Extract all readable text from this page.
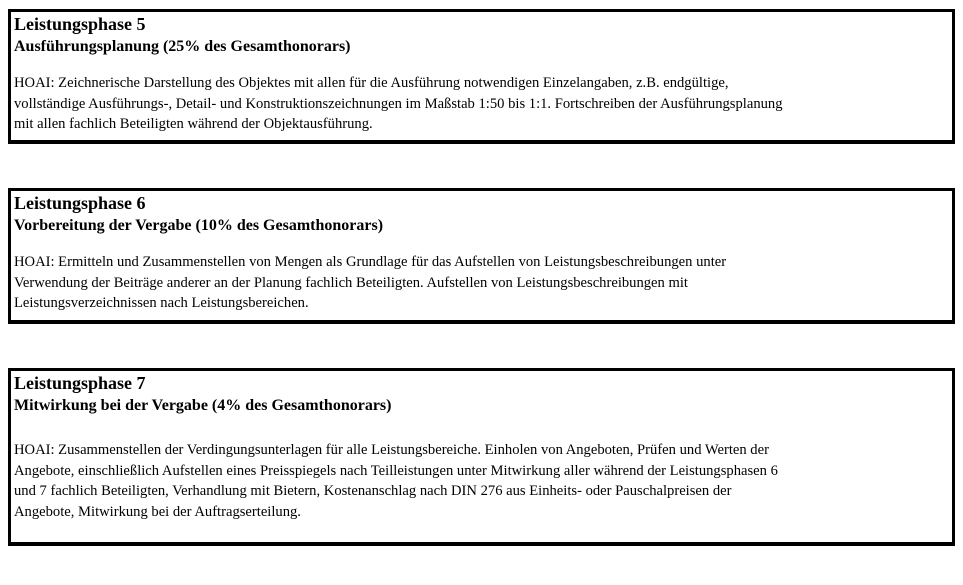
Leistungsphase 5
Ausführungsplanung (25% des Gesamthonorars)

HOAI: Zeichnerische Darstellung des Objektes mit allen für die Ausführung notwendigen Einzelangaben, z.B. endgültige, vollständige Ausführungs-, Detail- und Konstruktionszeichnungen im Maßstab 1:50 bis 1:1. Fortschreiben der Ausführungsplanung mit allen fachlich Beteiligten während der Objektausführung.

Leistungsphase 6
Vorbereitung der Vergabe (10% des Gesamthonorars)

HOAI: Ermitteln und Zusammenstellen von Mengen als Grundlage für das Aufstellen von Leistungsbeschreibungen unter Verwendung der Beiträge anderer an der Planung fachlich Beteiligten. Aufstellen von Leistungsbeschreibungen mit Leistungsverzeichnissen nach Leistungsbereichen.

Leistungsphase 7
Mitwirkung bei der Vergabe (4% des Gesamthonorars)

HOAI: Zusammenstellen der Verdingungsunterlagen für alle Leistungsbereiche. Einholen von Angeboten, Prüfen und Werten der Angebote, einschließlich Aufstellen eines Preisspiegels nach Teilleistungen unter Mitwirkung aller während der Leistungsphasen 6 und 7 fachlich Beteiligten, Verhandlung mit Bietern, Kostenanschlag nach DIN 276 aus Einheits- oder Pauschalpreisen der Angebote, Mitwirkung bei der Auftragserteilung.
